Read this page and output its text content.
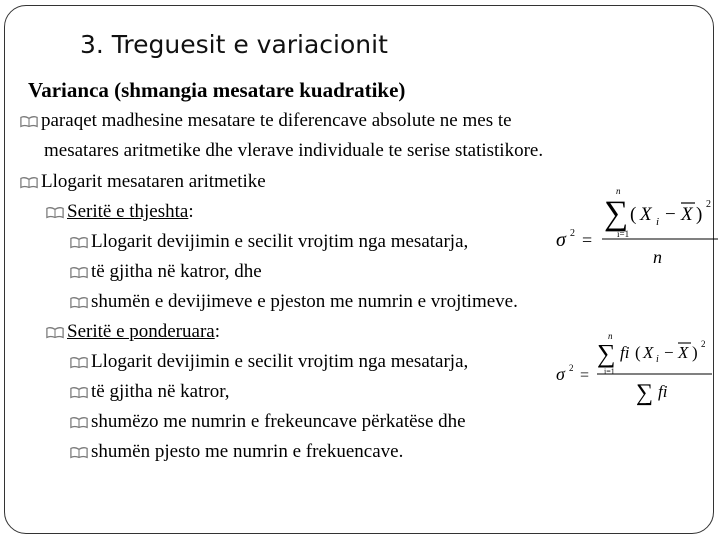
3. Treguesit e variacionit
Varianca (shmangia mesatare kuadratike)
paraqet madhesine mesatare te diferencave absolute ne mes te
mesatares aritmetike dhe vlerave individuale te serise statistikore.
Llogarit mesataren aritmetike
Seritë e thjeshta :
Llogarit devijimin e secilit vrojtim nga mesatarja,
të gjitha në katror, dhe
shumën e devijimeve e pjeston me numrin e vrojtimeve.
Seritë e ponderuara :
Llogarit devijimin e secilit vrojtim nga mesatarja,
të gjitha në katror,
shumëzo me numrin e frekeuncave përkatëse dhe
shumën pjesto me numrin e frekuencave.
n
∑
i=1
( X i − X ) 2
σ 2 =
n
n
∑
i=1
fi ( X i − X ) 2
σ 2 =
∑ fi
